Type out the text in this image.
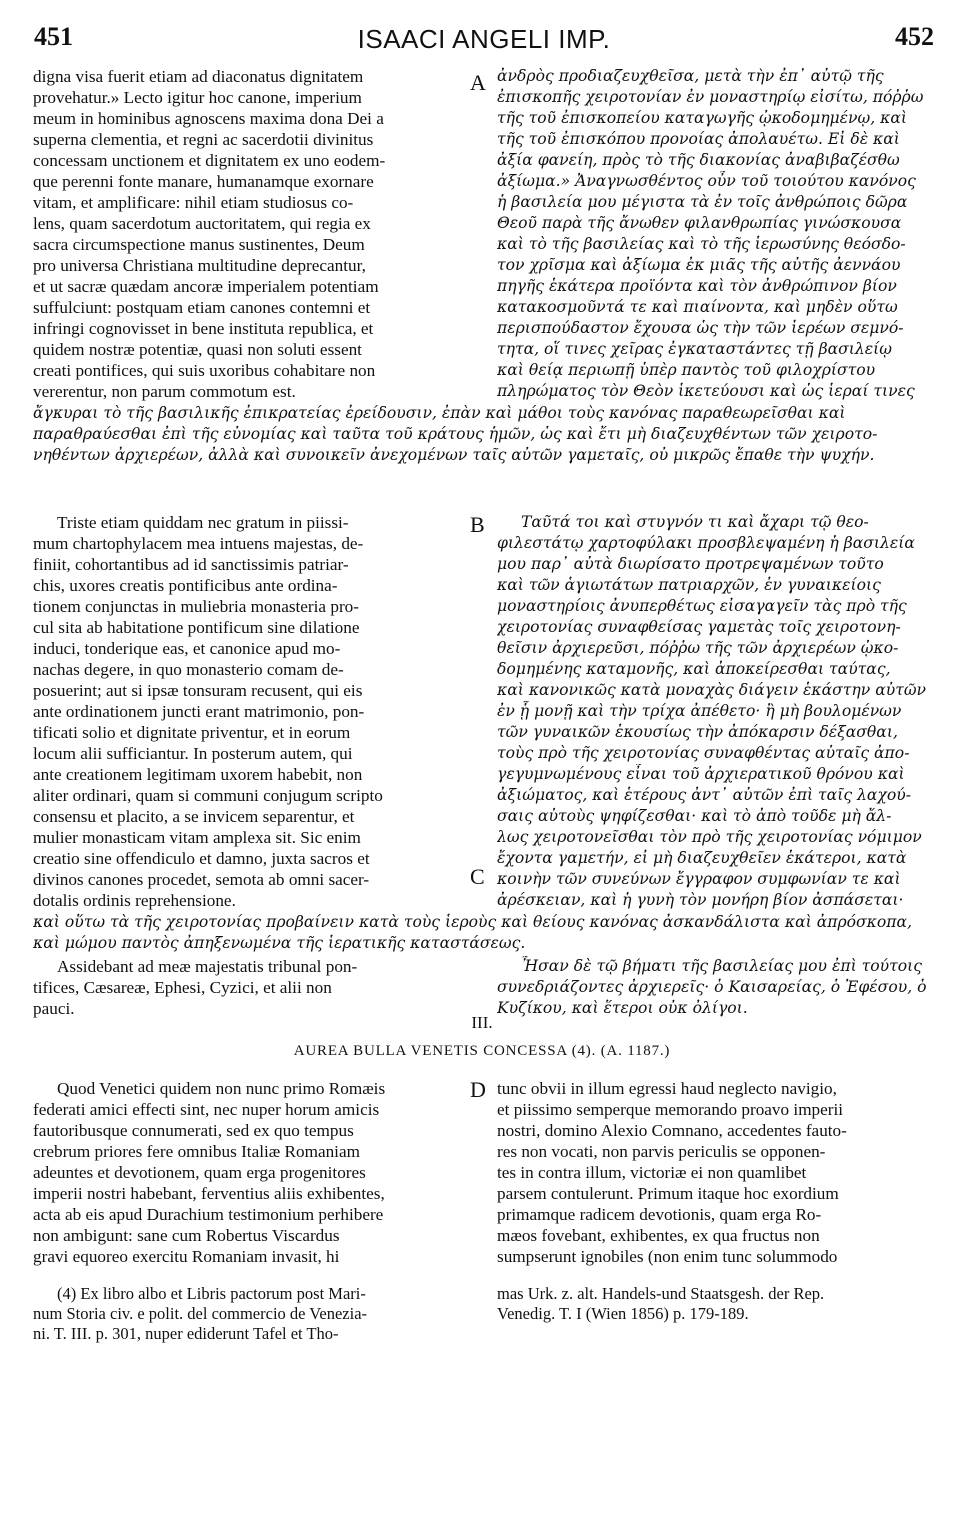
451	ISAACI ANGELI IMP.	452
A
B
C
D
digna visa fuerit etiam ad diaconatus dignitatem
provehatur.» Lecto igitur hoc canone, imperium
meum in hominibus agnoscens maxima dona Dei a
superna clementia, et regni ac sacerdotii divinitus
concessam unctionem et dignitatem ex uno eodem-
que perenni fonte manare, humanamque exornare
vitam, et amplificare: nihil etiam studiosus co-
lens, quam sacerdotum auctoritatem, qui regia ex
sacra circumspectione manus sustinentes, Deum
pro universa Christiana multitudine deprecantur,
et ut sacræ quædam ancoræ imperialem potentiam
suffulciunt: postquam etiam canones contemni et
infringi cognovisset in bene instituta republica, et
quidem nostræ potentiæ, quasi non soluti essent
creati pontifices, qui suis uxoribus cohabitare non
vererentur, non parum commotum est.
ἀνδρὸς προδιαζευχθεῖσα, μετὰ τὴν ἐπ᾽ αὐτῷ τῆς
ἐπισκοπῆς χειροτονίαν ἐν μοναστηρίῳ εἰσίτω, πόῤῥω
τῆς τοῦ ἐπισκοπείου καταγωγῆς ᾠκοδομημένῳ, καὶ
τῆς τοῦ ἐπισκόπου προνοίας ἀπολαυέτω. Εἰ δὲ καὶ
ἀξία φανείη, πρὸς τὸ τῆς διακονίας ἀναβιβαζέσθω
ἀξίωμα.» Ἀναγνωσθέντος οὖν τοῦ τοιούτου κανόνος
ἡ βασιλεία μου μέγιστα τὰ ἐν τοῖς ἀνθρώποις δῶρα
Θεοῦ παρὰ τῆς ἄνωθεν φιλανθρωπίας γινώσκουσα
καὶ τὸ τῆς βασιλείας καὶ τὸ τῆς ἱερωσύνης θεόσδο-
τον χρῖσμα καὶ ἀξίωμα ἐκ μιᾶς τῆς αὐτῆς ἀεννάου
πηγῆς ἑκάτερα προϊόντα καὶ τὸν ἀνθρώπινον βίον
κατακοσμοῦντά τε καὶ πιαίνοντα, καὶ μηδὲν οὕτω
περισπούδαστον ἔχουσα ὡς τὴν τῶν ἱερέων σεμνό-
τητα, οἵ τινες χεῖρας ἐγκαταστάντες τῇ βασιλείῳ
καὶ θείᾳ περιωπῇ ὑπὲρ παντὸς τοῦ φιλοχρίστου
πληρώματος τὸν Θεὸν ἱκετεύουσι καὶ ὡς ἱεραί τινες
ἄγκυραι τὸ τῆς βασιλικῆς ἐπικρατείας ἐρείδουσιν, ἐπὰν καὶ μάθοι τοὺς κανόνας παραθεωρεῖσθαι καὶ
παραθραύεσθαι ἐπὶ τῆς εὐνομίας καὶ ταῦτα τοῦ κράτους ἡμῶν, ὡς καὶ ἔτι μὴ διαζευχθέντων τῶν χειροτο-
νηθέντων ἀρχιερέων, ἀλλὰ καὶ συνοικεῖν ἀνεχομένων ταῖς αὐτῶν γαμεταῖς, οὐ μικρῶς ἔπαθε τὴν ψυχήν.
Triste etiam quiddam nec gratum in piissi-
mum chartophylacem mea intuens majestas, de-
finiit, cohortantibus ad id sanctissimis patriar-
chis, uxores creatis pontificibus ante ordina-
tionem conjunctas in muliebria monasteria pro-
cul sita ab habitatione pontificum sine dilatione
induci, tonderique eas, et canonice apud mo-
nachas degere, in quo monasterio comam de-
posuerint; aut si ipsæ tonsuram recusent, qui eis
ante ordinationem juncti erant matrimonio, pon-
tificati solio et dignitate priventur, et in eorum
locum alii sufficiantur. In posterum autem, qui
ante creationem legitimam uxorem habebit, non
aliter ordinari, quam si communi conjugum scripto
consensu et placito, a se invicem separentur, et
mulier monasticam vitam amplexa sit. Sic enim
creatio sine offendiculo et damno, juxta sacros et
divinos canones procedet, semota ab omni sacer-
dotalis ordinis reprehensione.
Ταῦτά τοι καὶ στυγνόν τι καὶ ἄχαρι τῷ θεο-
φιλεστάτῳ χαρτοφύλακι προσβλεψαμένη ἡ βασιλεία
μου παρ᾽ αὐτὰ διωρίσατο προτρεψαμένων τοῦτο
καὶ τῶν ἁγιωτάτων πατριαρχῶν, ἐν γυναικείοις
μοναστηρίοις ἀνυπερθέτως εἰσαγαγεῖν τὰς πρὸ τῆς
χειροτονίας συναφθείσας γαμετὰς τοῖς χειροτονη-
θεῖσιν ἀρχιερεῦσι, πόῤῥω τῆς τῶν ἀρχιερέων ᾠκο-
δομημένης καταμονῆς, καὶ ἀποκείρεσθαι ταύτας,
καὶ κανονικῶς κατὰ μοναχὰς διάγειν ἑκάστην αὐτῶν
ἐν ᾗ μονῇ καὶ τὴν τρίχα ἀπέθετο· ἢ μὴ βουλομένων
τῶν γυναικῶν ἑκουσίως τὴν ἀπόκαρσιν δέξασθαι,
τοὺς πρὸ τῆς χειροτονίας συναφθέντας αὐταῖς ἀπο-
γεγυμνωμένους εἶναι τοῦ ἀρχιερατικοῦ θρόνου καὶ
ἀξιώματος, καὶ ἑτέρους ἀντ᾽ αὐτῶν ἐπὶ ταῖς λαχού-
σαις αὐτοὺς ψηφίζεσθαι· καὶ τὸ ἀπὸ τοῦδε μὴ ἄλ-
λως χειροτονεῖσθαι τὸν πρὸ τῆς χειροτονίας νόμιμον
ἔχοντα γαμετήν, εἰ μὴ διαζευχθεῖεν ἑκάτεροι, κατὰ
κοινὴν τῶν συνεύνων ἔγγραφον συμφωνίαν τε καὶ
ἀρέσκειαν, καὶ ἡ γυνὴ τὸν μονήρη βίον ἀσπάσεται·
καὶ οὕτω τὰ τῆς χειροτονίας προβαίνειν κατὰ τοὺς ἱεροὺς καὶ θείους κανόνας ἀσκανδάλιστα καὶ ἀπρόσκοπα,
καὶ μώμου παντὸς ἀπηξενωμένα τῆς ἱερατικῆς καταστάσεως.
Assidebant ad meæ majestatis tribunal pon-
tifices, Cæsareæ, Ephesi, Cyzici, et alii non
pauci.
Ἦσαν δὲ τῷ βήματι τῆς βασιλείας μου ἐπὶ τούτοις
συνεδριάζοντες ἀρχιερεῖς· ὁ Καισαρείας, ὁ Ἐφέσου, ὁ
Κυζίκου, καὶ ἕτεροι οὐκ ὀλίγοι.
III.
AUREA BULLA VENETIS CONCESSA (4). (A. 1187.)
Quod Venetici quidem non nunc primo Romæis
federati amici effecti sint, nec nuper horum amicis
fautoribusque connumerati, sed ex quo tempus
crebrum priores fere omnibus Italiæ Romaniam
adeuntes et devotionem, quam erga progenitores
imperii nostri habebant, ferventius aliis exhibentes,
acta ab eis apud Durachium testimonium perhibere
non ambigunt: sane cum Robertus Viscardus
gravi equoreo exercitu Romaniam invasit, hi
tunc obvii in illum egressi haud neglecto navigio,
et piissimo semperque memorando proavo imperii
nostri, domino Alexio Comnano, accedentes fauto-
res non vocati, non parvis periculis se opponen-
tes in contra illum, victoriæ ei non quamlibet
parsem contulerunt. Primum itaque hoc exordium
primamque radicem devotionis, quam erga Ro-
mæos fovebant, exhibentes, ex qua fructus non
sumpserunt ignobiles (non enim tunc solummodo
(4) Ex libro albo et Libris pactorum post Mari-
num Storia civ. e polit. del commercio de Venezia-
ni. T. III. p. 301, nuper ediderunt Tafel et Tho-
mas Urk. z. alt. Handels-und Staatsgesh. der Rep.
Venedig. T. I (Wien 1856) p. 179-189.
